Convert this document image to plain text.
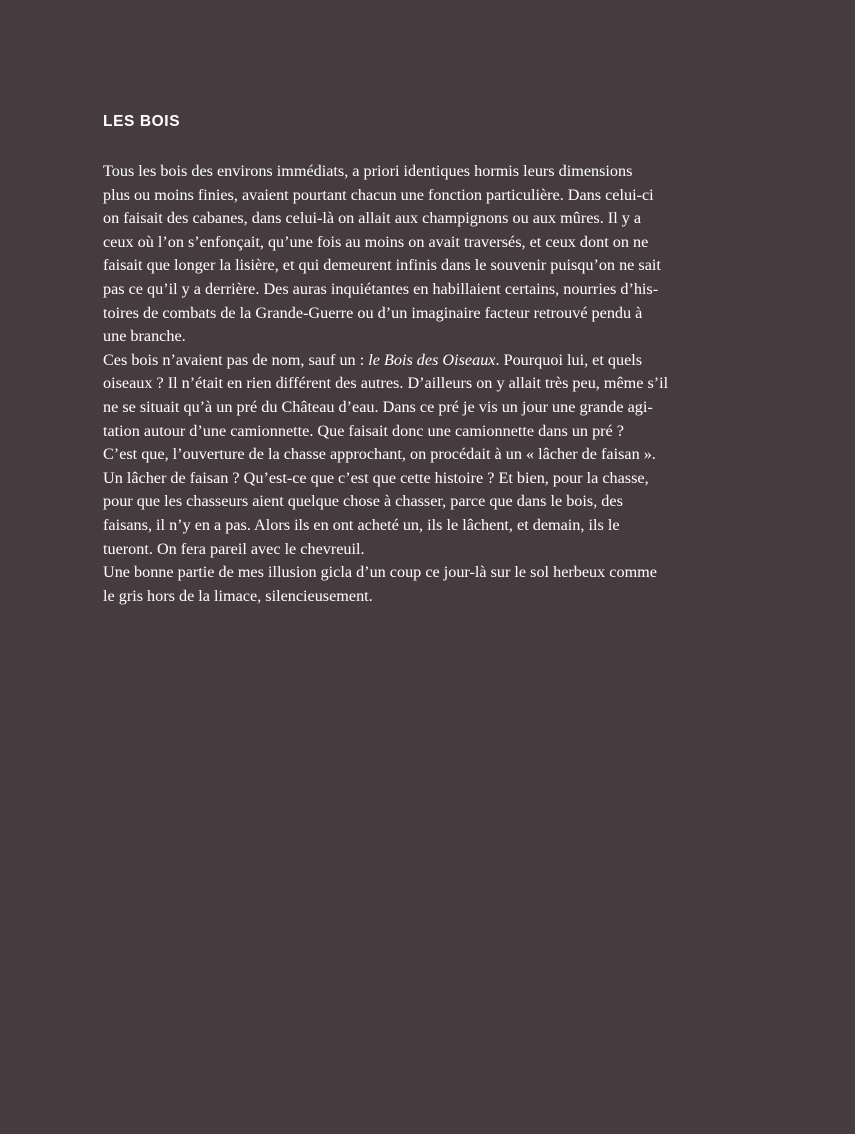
LES BOIS
Tous les bois des environs immédiats, a priori identiques hormis leurs dimensions
plus ou moins finies, avaient pourtant chacun une fonction particulière. Dans celui-ci
on faisait des cabanes, dans celui-là on allait aux champignons ou aux mûres. Il y a
ceux où l’on s’enfonçait, qu’une fois au moins on avait traversés, et ceux dont on ne
faisait que longer la lisière, et qui demeurent infinis dans le souvenir puisqu’on ne sait
pas ce qu’il y a derrière. Des auras inquiétantes en habillaient certains, nourries d’his-
toires de combats de la Grande-Guerre ou d’un imaginaire facteur retrouvé pendu à
une branche.
Ces bois n’avaient pas de nom, sauf un : le Bois des Oiseaux. Pourquoi lui, et quels
oiseaux ? Il n’était en rien différent des autres. D’ailleurs on y allait très peu, même s’il
ne se situait qu’à un pré du Château d’eau. Dans ce pré je vis un jour une grande agi-
tation autour d’une camionnette. Que faisait donc une camionnette dans un pré ?
C’est que, l’ouverture de la chasse approchant, on procédait à un « lâcher de faisan ».
Un lâcher de faisan ? Qu’est-ce que c’est que cette histoire ? Et bien, pour la chasse,
pour que les chasseurs aient quelque chose à chasser, parce que dans le bois, des
faisans, il n’y en a pas. Alors ils en ont acheté un, ils le lâchent, et demain, ils le
tueront. On fera pareil avec le chevreuil.
Une bonne partie de mes illusion gicla d’un coup ce jour-là sur le sol herbeux comme
le gris hors de la limace, silencieusement.
